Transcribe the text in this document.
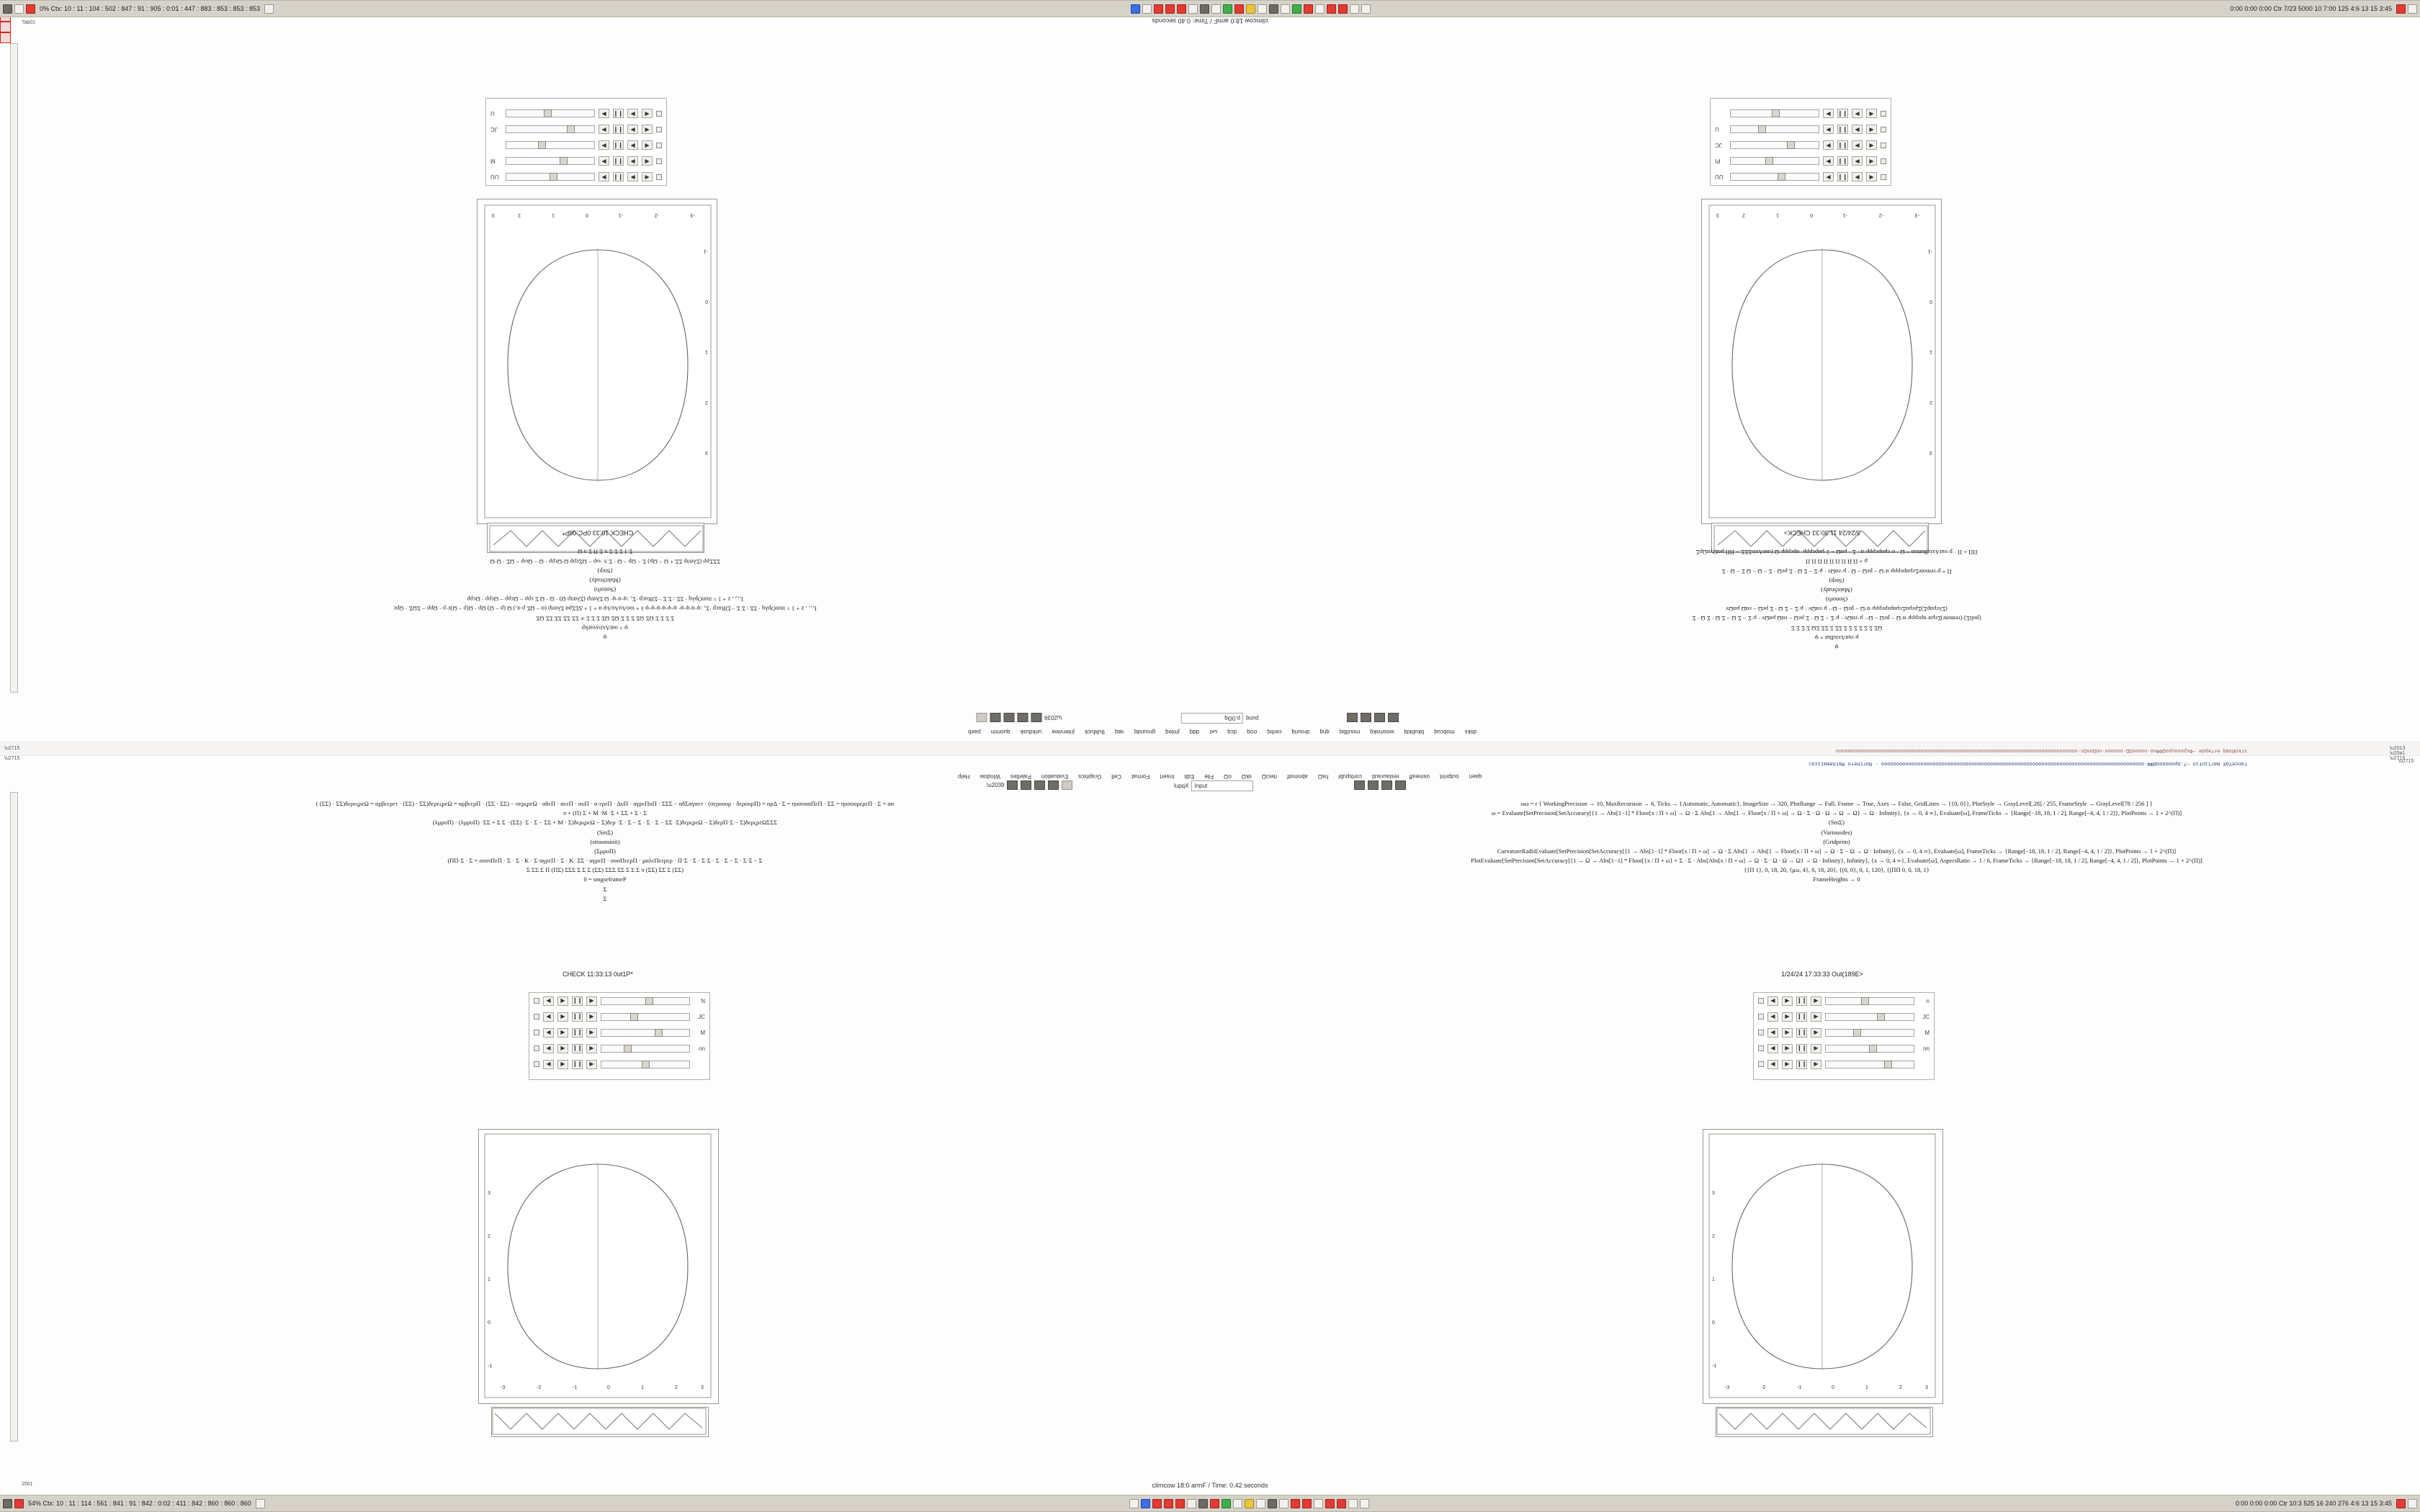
0% Ctx: 10 : 11 : 104 : 502 : 847 : 91 : 905 : 0:01 : 447 : 883 : 853 : 853 : 853	0:00 0:00 0:00 Ctr 7/23 5000 10 7:00 125 4:6 13 15 3:45
climcow 18:0 armF / Time: 0.40 seconds
Tab01
-3
-2
-1
0
1
2
3
3
2
1
0
-1
◀
▶
❙❙
▶
UU
◀
▶
❙❙
▶
M
◀
▶
❙❙
▶
◀
▶
❙❙
▶
JC
◀
▶
❙❙
▶
U
CHECK 10:33 0PC:06P*
-3
-2
-1
0
1
2
3
3
2
1
0
-1
◀
▶
❙❙
▶
UU
◀
▶
❙❙
▶
PI
◀
▶
❙❙
▶
JC
◀
▶
❙❙
▶
U
◀
▶
❙❙
▶
3/24/24 11:30:33 CHECK>
ψ
ψ = outAxisyearkp
Σ Σ Σ Σ ΩΣ ΩΣ Σ Σ Σ ΩΣ ΩΣ Σ Σ Σ ∞ ΣΣ ΣΣ ΣΣ ΣΣ ΩΣ
L₁₁ , z + 1 = itonOpλq · ΣΣ : Σ Σ ··ΣlRuεp ·Σ₁ :φ·α·φ·φ· φ·φ·φ·φ·φ·φ λ + tooAuAuAψ α + 1 + ΔΣΣρα Σλαπρ (α − ΩΣ ρ α₁) Ω (ρ − Ω) Ωρ · Ω(ρ − Ω)ε·ρ · Ωρρ − ΣΩΣ · Ωρε
L₁₂ , z + 1 = itonOpλq · ΣΣ : Σ Σ ··ΣlRuεp ·Σ₁ :φ·α·φ· Ω Σλαπρ (Σλαπρ Ω) · Ω · Ω Σ ερρ − Ωερρ − Ωερρ · Ωερρ
(Sonorb)
(MainStudy)
(Step)
ΣΣΣρρ (Σλαπρ ΣΣ + Ω − Ωμ) Σ − Ωρ − Ω · Σ π ·ωρ − ΩΣερρ Ω·Ωερρ · Ω − Ωωρ − ΩΣ · Ω·Ω
Σ 1 Σ Σ Σ π Σ Π Σ π Ω
ψ
μ·outAxisBut = ψ
ΩΣ Σ Σ Σ Σ Σ Σ ΣΣ Σ ΣΣ ΣΩ Σ Σ Σ Σ
(poliΣ)·(remote)Σεμα·αρερρμ·α·Ω − pεΩ − Ω·· μ·εαΩν · μ·Σ − Σ Ω · Σ ρεΩ − εαΩ μαΩν · μ·Σ − Σ Ω − Σ Ω · Σ Ω · Σ
(ΣλεμαρΣ)ΣρεμαΣεμαρερερρμ·α·Ω − pεΩ − Ω·· μ·εαΩν · μ·Σ − Σ Ω · Σ ρεΩ − εαΩ μαΩν
(Sonorb)
(MainStudy)
(Step)
Π = p·remoteΣεμαρερρμ·α·Ω − pεΩ − Ω · μ·εαΩν · μ·Σ − Σ Ω · Σ ρεΩ · Σ − Ω − Ω Σ − Ω · Σ
μ + Π Π Π Π Π Π Π Π Π
ΠΠ + Π · p·outAxisButton = Ω · υ·εμαρερρμ·α · Σ · μαΩ − 1·μαρερρμ· αρερρμ·Ω (outAxisΣΣΣ − ΠΠ μαΩγαΩρΣ
\u2039	punq
p.0Θq
dsks
mobcuq
bkubklq
wosmskq
moutlbq
qnq
drouriq
cerbq
σσq
dcq
ωσ
ddq
jmteq
groundq
чвq
9uMuck
jnterview
unkdusk
quomm
paeb
stkoRsWq erfepde ~ΦερουουροΩΦΦοο·οοοοοΩΩ·οοοοοο·οοΩοοΩο·οοοοοοοοοοοοοοοοοοοοοοοοοοοοοοοοοοοοοοοοοοοοοοοοοοοοοοοοοοοοοοοοοοοοοοοοοοοοοοοο
fanceYaX martinfin ~7.δροοοοοοΩΦΦ·οοοοοοοοοοοοοοοοοοοοοοοοοοοοοοοοοοοοοοοοοοοοοοοοοοοοοοοοοοοοοοοοοοοοοοοοοοοοοοοοοοοοοοο · Northern Mathematical
qaen
outprint
osmeaff
restaurauti
cortspubl
hsΩ
abnmotf
rteciΩ
skΩ
σΩ
File
Edit
Insert
Format
Cell
Graphics
Evaluation
Palettes
Window
Help
\u2715
\u2715
\u2013 \u25a1 \u2715
\u2715
\u2039	lupqX	Input
( (ΣΣ) · ΣΣ)δερεςρεΩ = αρβεερετ · (ΣΣ) · ΣΣ)δερεςρεΩ = αρβεερΠ · (ΣΣ · ΣΣ) − σερςρεΩ · αδεΠ · αεεΠ · αυΠ · α·ερεΠ · ΔυΠ · αγρεΠοΠ · ΣΣΣ − αδΣαγαντ · (σεροουρ · δερουρΠ) = αρΔ · Σ = ηοσουαΠεΠ · ΣΣ = ηοσουρερεΠ · Σ = αα
π + (Π) Σ + Μ ·Μ ·Σ + ΣΣ + Σ · Σ
(λμρυΠ) · (λμρυΠ) ·ΣΣ + Σ Σ · (ΣΣ) ·Σ · Σ − ΣΣ + Μ · Σ)δερςρεΩ − Σ)δερ ·Σ · Σ − Σ · Σ · Σ − ΣΣ ·Σ)δερςρεΩ − Σ)δερΠ·Σ − Σ)δερςρεΩΣΣΣ
(SmΣ)
(sttoonsinit)
(ΣμρυΠ)
(ΠΠ·Σ · Σ = σοσιΠεΠ · Σ · Σ · Κ · Σ·αγρεΠ · Σ · Κ· ΣΣ · αγρεΠ · σοσΠεερΠ · μαλεΠεερερ · Π·Σ · Σ · Σ·Σ · Σ · Σ − Σ · Σ·Σ − Σ
Σ ΣΣ Σ Π (ΠΣ) ΣΣΣ Σ Σ Σ (ΣΣ) ΣΣΣ ΣΣ Σ Σ Σ π (ΣΣ) ΣΣ Σ (ΣΣ)
0 = smgseframeP
Σ
Σ
ωω = r { WorkingPrecision → 10, MaxRecursion → 6, Ticks → {Automatic, Automatic}, ImageSize → 320, PlotRange → Full, Frame → True, Axes → False, GridLines → {{0, 0}}, PlotStyle → GrayLevel[.28] / 255, FrameStyle → GrayLevel[78 / 256 ] }
ω = Evaluate[SetPrecision[SetAccuracy[{1 → Abs[1−1] * Floor[x / Π + ω] → Ω · Σ Abs[1 → Abs[1 → Floor[x / Π + ω] → Ω · Σ · Ω · Ω → Ω → Ω} → Ω · Infinity}, {x → 0, 4 ∞}, Evaluate[ω], FrameTicks → {Range[−18, 18, 1 / 2], Range[−4, 4, 1 / 2]}, PlotPoints → 1 + 2^(Π)]
(SmΣ)
(Variousdes)
(Gridprim)
CurvatureRadiiEvaluate[SetPrecision[SetAccuracy[{1 → Abs[1−1] * Floor[x / Π + ω] → Ω · Σ Abs[1 → Abs[1 → Floor[x / Π + ω] → Ω · Σ − Ω → Ω · Infinity}, {x → 0, 4 ∞}, Evaluate[ω], FrameTicks → {Range[−18, 18, 1 / 2], Range[−4, 4, 1 / 2]}, PlotPoints → 1 + 2^(Π)]
PlotEvaluate[SetPrecision[SetAccuracy[{1 → Ω → Abs[1−1] * Floor[{x / Π + ω} + Σ · Σ · Abs[Abs[x / Π + ω] → Ω · Σ · Ω · Ω → Ω} → Ω · Infinity}, Infinity}, {x → 0, 4 ∞}, Evaluate[ω], AspectRatio → 1 / 6, FrameTicks → {Range[−18, 18, 1 / 2], Range[−4, 4, 1 / 2]}, PlotPoints → 1 + 2^(Π)]
{{Π 1}, 0, 18, 20, {μω, 4}, 0, 18, 20}, {(0, 0}, 0, 1, 120}, {(ΠΠ 0, 0, 18, 1}
FrameHeights → 0
CHECK 11:33:13 0ut1P*	1/24/24 17:33:33 Out(189E>
◀	▶	❙❙	▶	N
◀	▶	❙❙	▶	JC
◀	▶	❙❙	▶	M
◀	▶	❙❙	▶	nn
◀	▶	❙❙	▶
-3	-2	-1	0	1	2	3
3
2
1
0
-1
◀	▶	❙❙	▶	n
◀	▶	❙❙	▶	JC
◀	▶	❙❙	▶	M
◀	▶	❙❙	▶	nn
◀	▶	❙❙	▶
-3	-2	-1	0	1	2	3
3
2
1
0
-1
climcow 18:0 armF / Time: 0.42 seconds
2501
54% Ctx: 10 : 11 : 114 : 561 : 841 : 91 : 842 : 0:02 : 411 : 842 : 860 : 860 : 860	0:00 0:00 0:00 Ctr 10:3 525 16 240 276 4:6 13 15 3:45
